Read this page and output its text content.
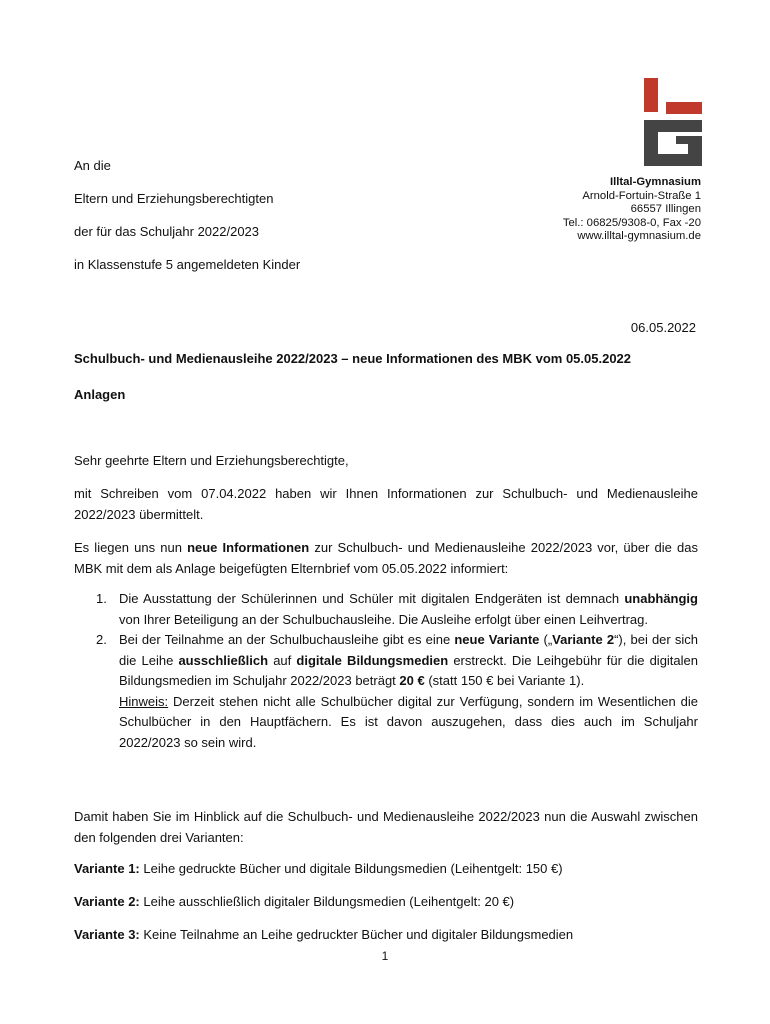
An die
Eltern und Erziehungsberechtigten
der für das Schuljahr 2022/2023
in Klassenstufe 5 angemeldeten Kinder
Illtal-Gymnasium
Arnold-Fortuin-Straße 1
66557 Illingen
Tel.: 06825/9308-0, Fax -20
www.illtal-gymnasium.de
06.05.2022
Schulbuch- und Medienausleihe 2022/2023 – neue Informationen des MBK vom 05.05.2022
Anlagen
Sehr geehrte Eltern und Erziehungsberechtigte,
mit Schreiben vom 07.04.2022 haben wir Ihnen Informationen zur Schulbuch- und Medienausleihe 2022/2023 übermittelt.
Es liegen uns nun neue Informationen zur Schulbuch- und Medienausleihe 2022/2023 vor, über die das MBK mit dem als Anlage beigefügten Elternbrief vom 05.05.2022 informiert:
1. Die Ausstattung der Schülerinnen und Schüler mit digitalen Endgeräten ist demnach unabhängig von Ihrer Beteiligung an der Schulbuchausleihe. Die Ausleihe erfolgt über einen Leihvertrag.
2. Bei der Teilnahme an der Schulbuchausleihe gibt es eine neue Variante („Variante 2“), bei der sich die Leihe ausschließlich auf digitale Bildungsmedien erstreckt. Die Leihgebühr für die digitalen Bildungsmedien im Schuljahr 2022/2023 beträgt 20 € (statt 150 € bei Variante 1).
Hinweis: Derzeit stehen nicht alle Schulbücher digital zur Verfügung, sondern im Wesentlichen die Schulbücher in den Hauptfächern. Es ist davon auszugehen, dass dies auch im Schuljahr 2022/2023 so sein wird.
Damit haben Sie im Hinblick auf die Schulbuch- und Medienausleihe 2022/2023 nun die Auswahl zwischen den folgenden drei Varianten:
Variante 1: Leihe gedruckte Bücher und digitale Bildungsmedien (Leihentgelt: 150 €)
Variante 2: Leihe ausschließlich digitaler Bildungsmedien (Leihentgelt: 20 €)
Variante 3: Keine Teilnahme an Leihe gedruckter Bücher und digitaler Bildungsmedien
1
